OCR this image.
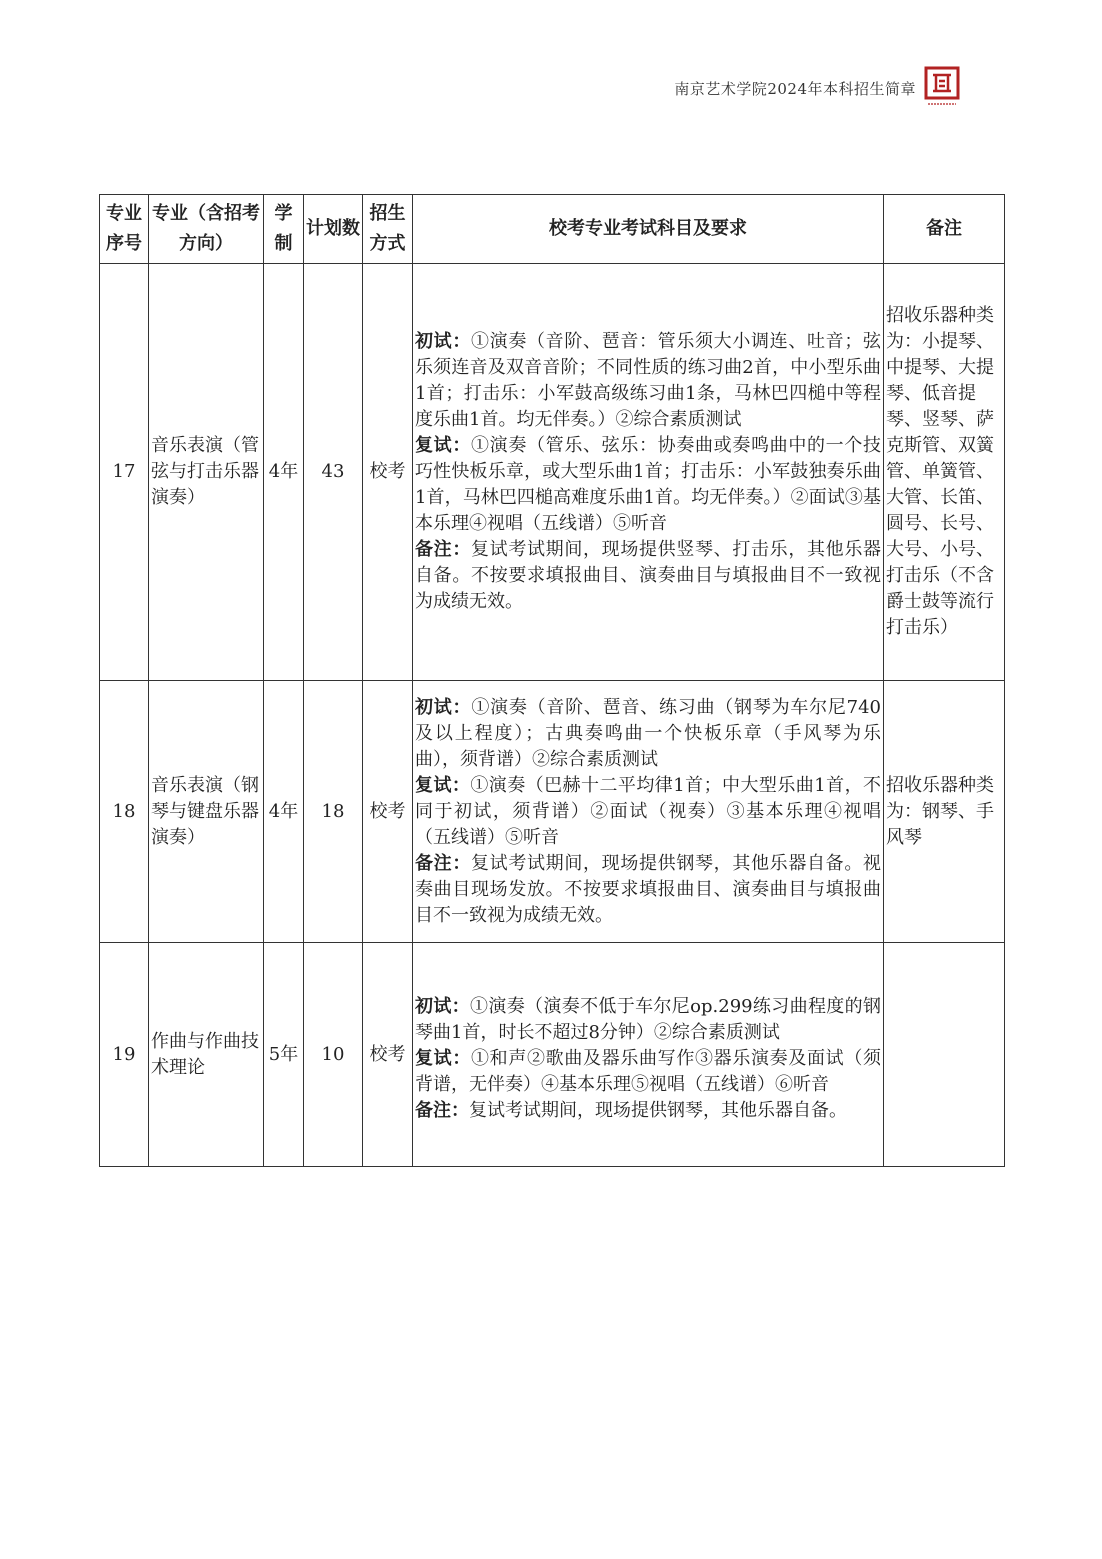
南京艺术学院2024年本科招生简章
专业序号	专业（含招考方向）	学制	计划数	招生方式	校考专业考试科目及要求	备注
17	音乐表演（管弦与打击乐器演奏）	4年	43	校考	初试：①演奏（音阶、琶音：管乐须大小调连、吐音；弦乐须连音及双音音阶；不同性质的练习曲2首，中小型乐曲1首；打击乐：小军鼓高级练习曲1条，马林巴四槌中等程度乐曲1首。均无伴奏。）②综合素质测试

复试：①演奏（管乐、弦乐：协奏曲或奏鸣曲中的一个技巧性快板乐章，或大型乐曲1首；打击乐：小军鼓独奏乐曲1首，马林巴四槌高难度乐曲1首。均无伴奏。）②面试③基本乐理④视唱（五线谱）⑤听音

备注：复试考试期间，现场提供竖琴、打击乐，其他乐器自备。不按要求填报曲目、演奏曲目与填报曲目不一致视为成绩无效。	招收乐器种类为：小提琴、中提琴、大提琴、低音提琴、竖琴、萨克斯管、双簧管、单簧管、大管、长笛、圆号、长号、大号、小号、打击乐（不含爵士鼓等流行打击乐）
18	音乐表演（钢琴与键盘乐器演奏）	4年	18	校考	初试：①演奏（音阶、琶音、练习曲（钢琴为车尔尼740及以上程度）；古典奏鸣曲一个快板乐章（手风琴为乐曲），须背谱）②综合素质测试

复试：①演奏（巴赫十二平均律1首；中大型乐曲1首，不同于初试，须背谱）②面试（视奏）③基本乐理④视唱（五线谱）⑤听音

备注：复试考试期间，现场提供钢琴，其他乐器自备。视奏曲目现场发放。不按要求填报曲目、演奏曲目与填报曲目不一致视为成绩无效。	招收乐器种类为：钢琴、手风琴
19	作曲与作曲技术理论	5年	10	校考	初试：①演奏（演奏不低于车尔尼op.299练习曲程度的钢琴曲1首，时长不超过8分钟）②综合素质测试

复试：①和声②歌曲及器乐曲写作③器乐演奏及面试（须背谱，无伴奏）④基本乐理⑤视唱（五线谱）⑥听音

备注：复试考试期间，现场提供钢琴，其他乐器自备。	
